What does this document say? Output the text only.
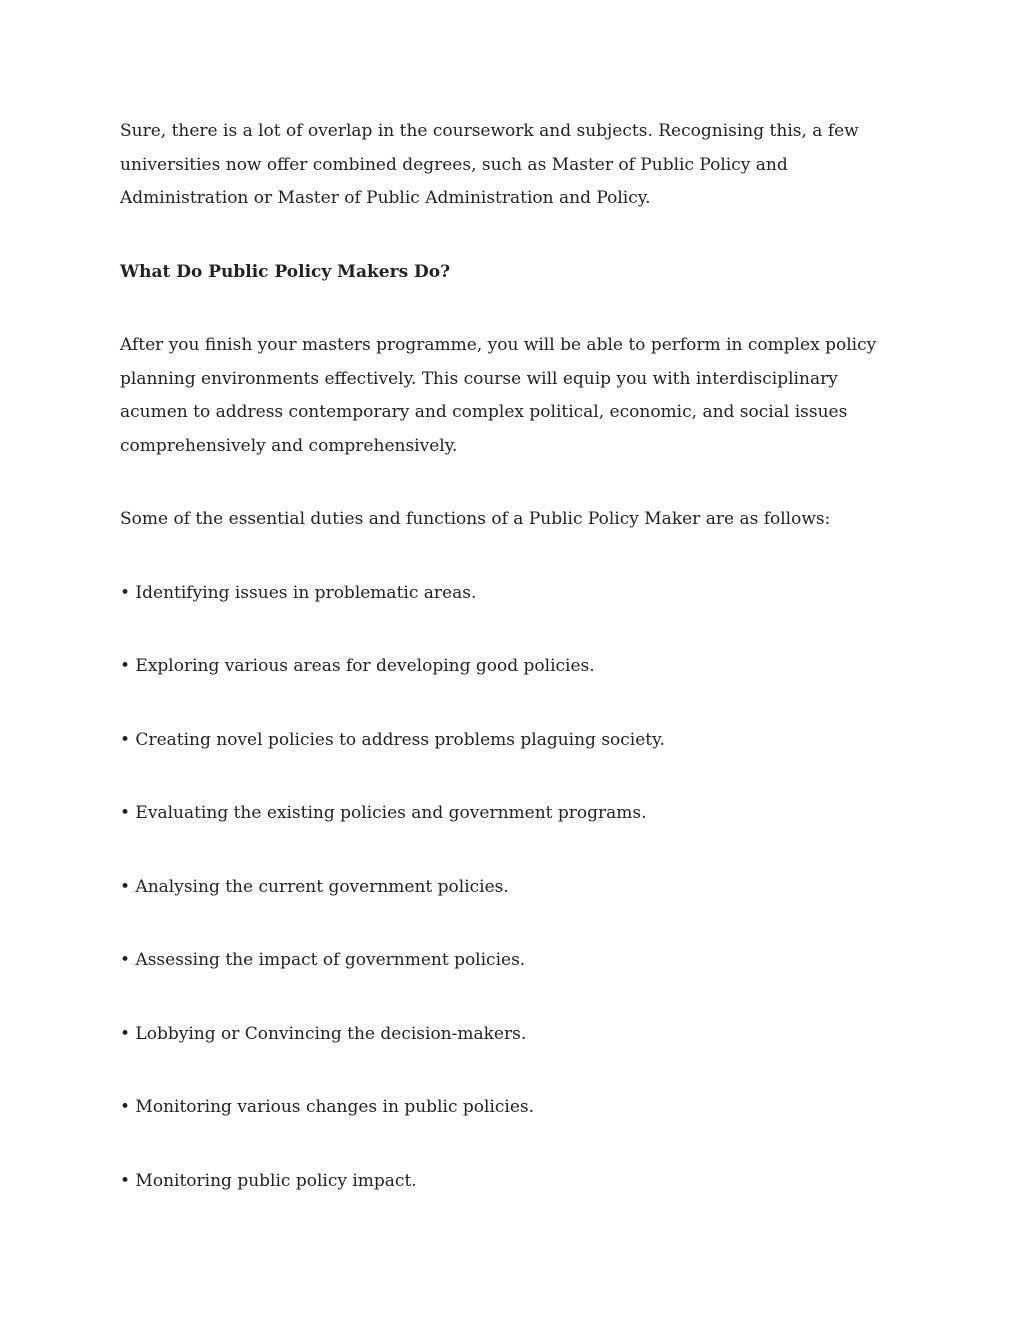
Sure, there is a lot of overlap in the coursework and subjects. Recognising this, a few universities now offer combined degrees, such as Master of Public Policy and Administration or Master of Public Administration and Policy.

What Do Public Policy Makers Do?

After you finish your masters programme, you will be able to perform in complex policy planning environments effectively. This course will equip you with interdisciplinary acumen to address contemporary and complex political, economic, and social issues comprehensively and comprehensively.

Some of the essential duties and functions of a Public Policy Maker are as follows:

• Identifying issues in problematic areas.

• Exploring various areas for developing good policies.

• Creating novel policies to address problems plaguing society.

• Evaluating the existing policies and government programs.

• Analysing the current government policies.

• Assessing the impact of government policies.

• Lobbying or Convincing the decision-makers.

• Monitoring various changes in public policies.

• Monitoring public policy impact.
